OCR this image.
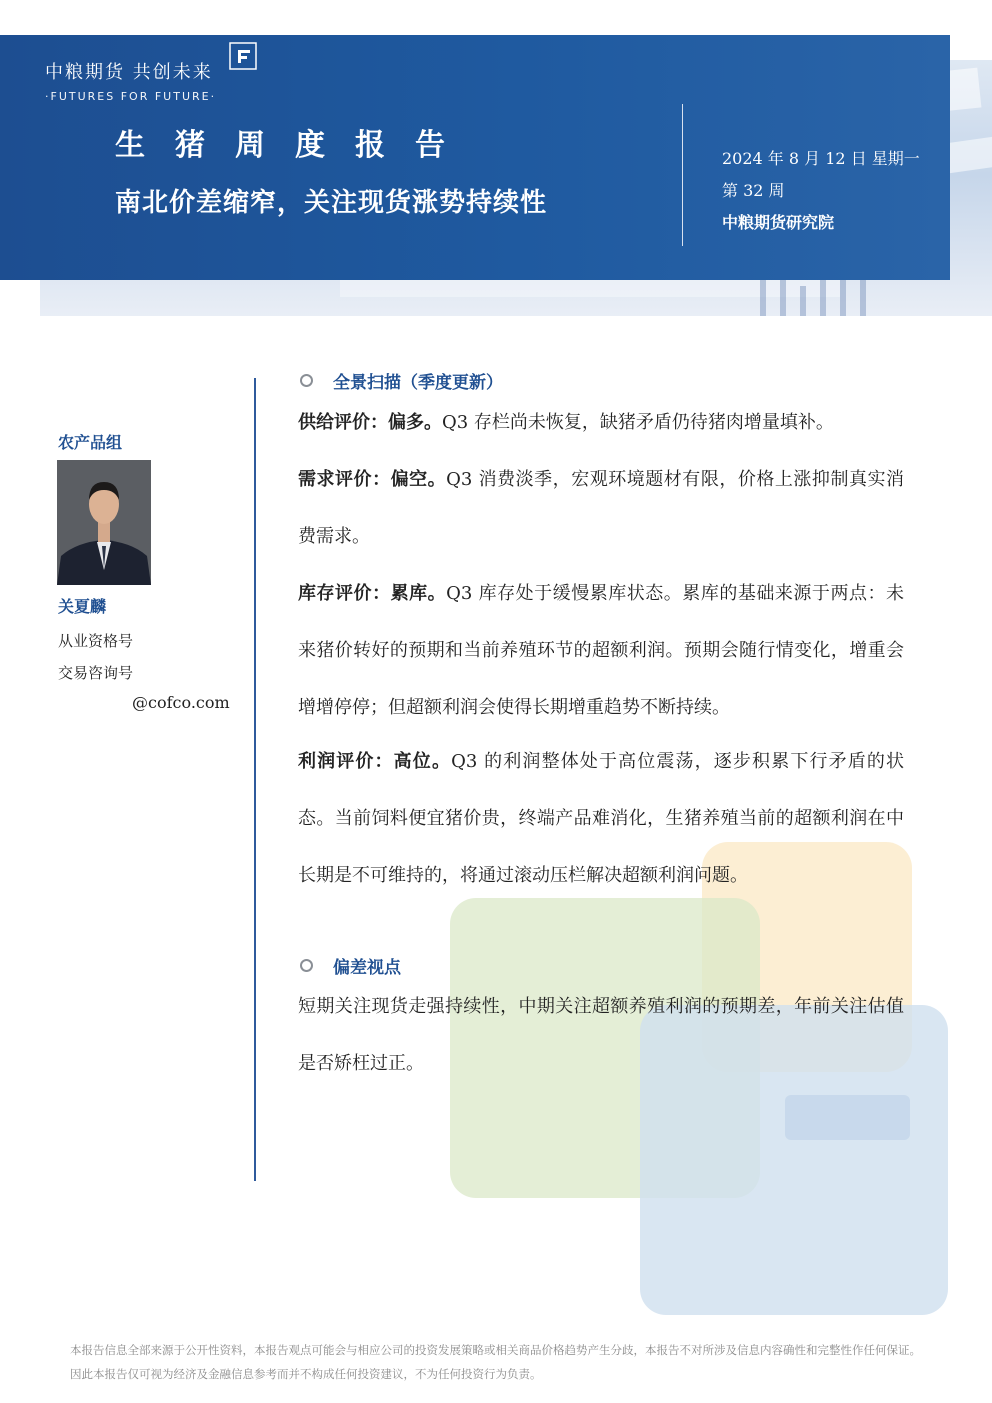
中粮期货 共创未来
·FUTURES FOR FUTURE·
生猪周度报告
南北价差缩窄，关注现货涨势持续性
2024 年 8 月 12 日 星期一
第 32 周
中粮期货研究院
农产品组
关夏麟
从业资格号
交易咨询号
@cofco.com
全景扫描（季度更新）
供给评价：偏多。Q3 存栏尚未恢复，缺猪矛盾仍待猪肉增量填补。
需求评价：偏空。Q3 消费淡季，宏观环境题材有限，价格上涨抑制真实消费需求。
库存评价：累库。Q3 库存处于缓慢累库状态。累库的基础来源于两点：未来猪价转好的预期和当前养殖环节的超额利润。预期会随行情变化，增重会增增停停；但超额利润会使得长期增重趋势不断持续。
利润评价：高位。Q3 的利润整体处于高位震荡，逐步积累下行矛盾的状态。当前饲料便宜猪价贵，终端产品难消化，生猪养殖当前的超额利润在中长期是不可维持的，将通过滚动压栏解决超额利润问题。
偏差视点
短期关注现货走强持续性，中期关注超额养殖利润的预期差，年前关注估值是否矫枉过正。
本报告信息全部来源于公开性资料，本报告观点可能会与相应公司的投资发展策略或相关商品价格趋势产生分歧，本报告不对所涉及信息内容确性和完整性作任何保证。因此本报告仅可视为经济及金融信息参考而并不构成任何投资建议，不为任何投资行为负责。
